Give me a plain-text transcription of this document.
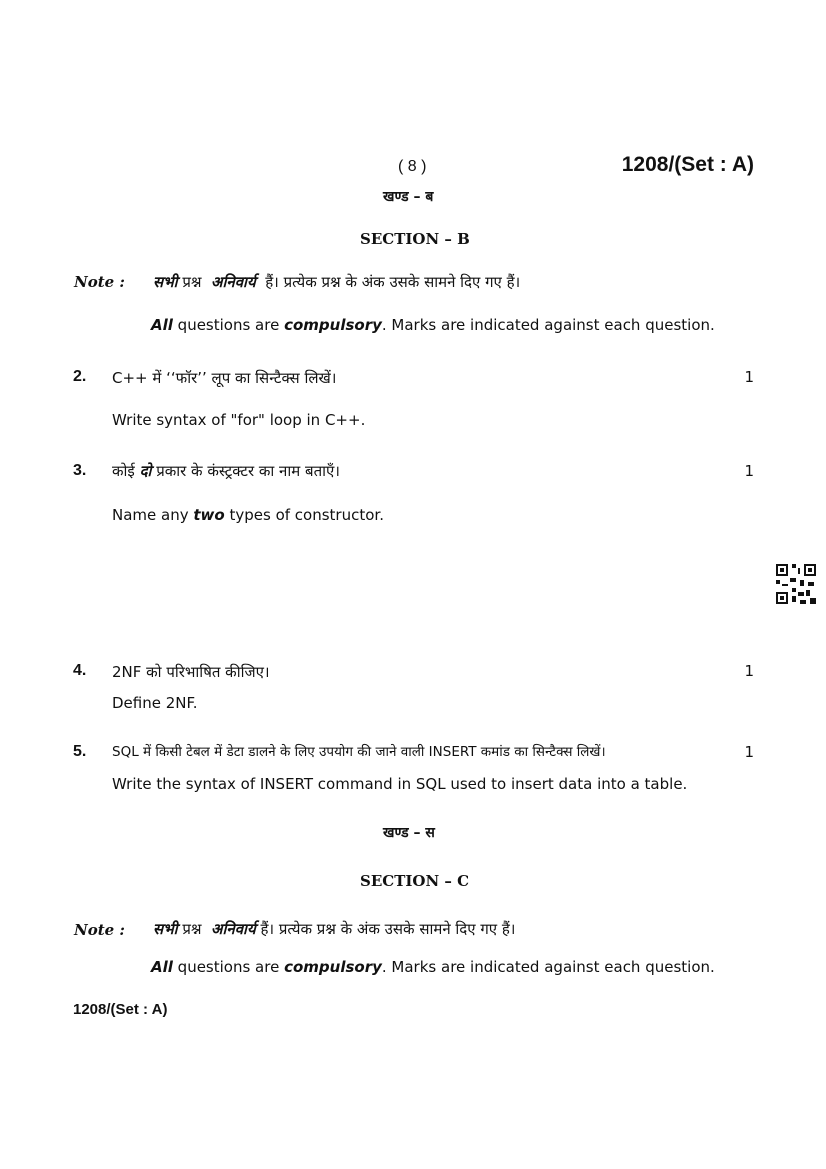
( 8 )	1208/(Set : A)
खण्ड – ब
SECTION – B
Note : सभी प्रश्न अनिवार्य हैं। प्रत्येक प्रश्न के अंक उसके सामने दिए गए हैं।
All questions are compulsory. Marks are indicated against each question.
2. C++ में ‘‘फॉर’’ लूप का सिन्टैक्स लिखें।	1
Write syntax of "for" loop in C++.
3. कोई दो प्रकार के कंस्ट्रक्टर का नाम बताएँ।	1
Name any two types of constructor.
4. 2NF को परिभाषित कीजिए।	1
Define 2NF.
5. SQL में किसी टेबल में डेटा डालने के लिए उपयोग की जाने वाली INSERT कमांड का सिन्टैक्स लिखें।	1
Write the syntax of INSERT command in SQL used to insert data into a table.
खण्ड – स
SECTION – C
Note : सभी प्रश्न अनिवार्य हैं। प्रत्येक प्रश्न के अंक उसके सामने दिए गए हैं।
All questions are compulsory. Marks are indicated against each question.
1208/(Set : A)
